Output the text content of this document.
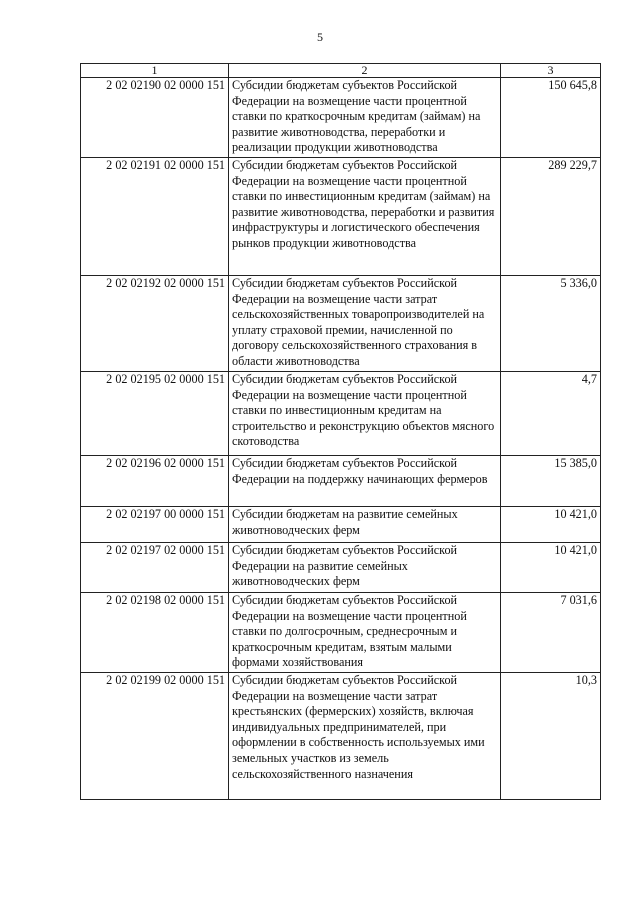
5
1	2	3
2 02 02190 02 0000 151	Субсидии бюджетам субъектов Российской Федерации на возмещение части процентной ставки по краткосрочным кредитам (займам) на развитие животноводства, переработки и реализации продукции животноводства	150 645,8
2 02 02191 02 0000 151	Субсидии бюджетам субъектов Российской Федерации на возмещение части процентной ставки по инвестиционным кредитам (займам) на развитие животноводства, переработки и развития инфраструктуры и логистического обеспечения рынков продукции животноводства	289 229,7
2 02 02192 02 0000 151	Субсидии бюджетам субъектов Российской Федерации на возмещение части затрат сельскохозяйственных товаропроизводителей на уплату страховой премии, начисленной по договору сельскохозяйственного страхования в области животноводства	5 336,0
2 02 02195 02 0000 151	Субсидии бюджетам субъектов Российской Федерации на возмещение части процентной ставки по инвестиционным кредитам на строительство и реконструкцию объектов мясного скотоводства	4,7
2 02 02196 02 0000 151	Субсидии бюджетам субъектов Российской Федерации на поддержку начинающих фермеров	15 385,0
2 02 02197 00 0000 151	Субсидии бюджетам на развитие семейных животноводческих ферм	10 421,0
2 02 02197 02 0000 151	Субсидии бюджетам субъектов Российской Федерации на развитие семейных животноводческих ферм	10 421,0
2 02 02198 02 0000 151	Субсидии бюджетам субъектов Российской Федерации на возмещение части процентной ставки по долгосрочным, среднесрочным и краткосрочным кредитам, взятым малыми формами хозяйствования	7 031,6
2 02 02199 02 0000 151	Субсидии бюджетам субъектов Российской Федерации на возмещение части затрат крестьянских (фермерских) хозяйств, включая индивидуальных предпринимателей, при оформлении в собственность используемых ими земельных участков из земель сельскохозяйственного назначения	10,3
